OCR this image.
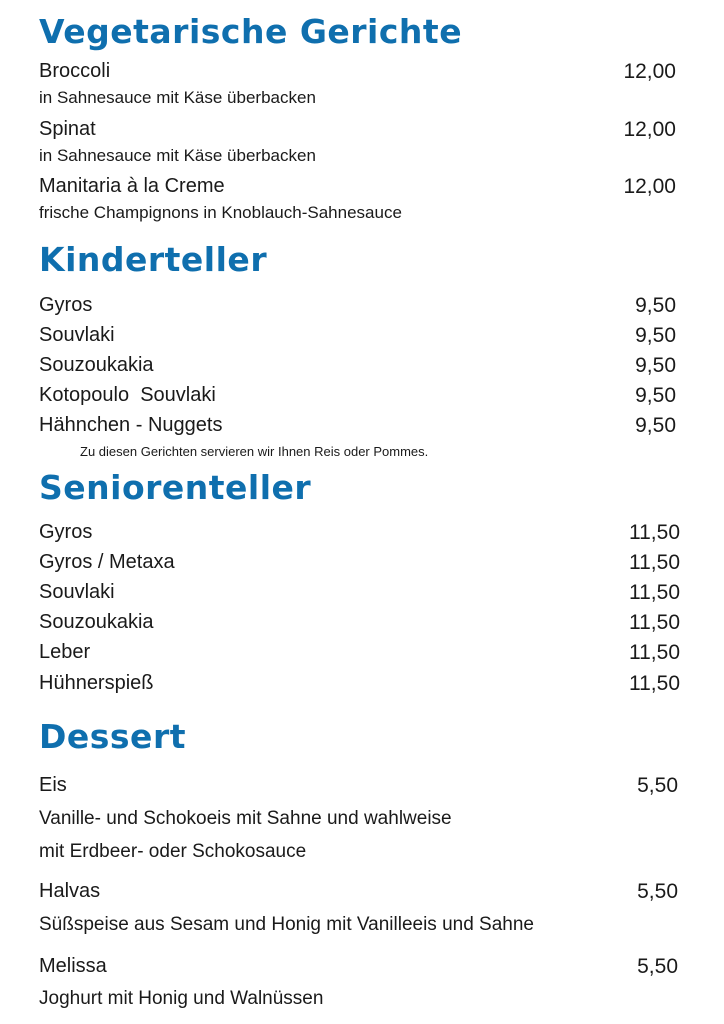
Vegetarische Gerichte
Broccoli	12,00
in Sahnesauce mit Käse überbacken
Spinat	12,00
in Sahnesauce mit Käse überbacken
Manitaria à la Creme	12,00
frische Champignons in Knoblauch-Sahnesauce
Kinderteller
Gyros	9,50
Souvlaki	9,50
Souzoukakia	9,50
Kotopoulo  Souvlaki	9,50
Hähnchen - Nuggets	9,50
Zu diesen Gerichten servieren wir Ihnen Reis oder Pommes.
Seniorenteller
Gyros	11,50
Gyros / Metaxa	11,50
Souvlaki	11,50
Souzoukakia	11,50
Leber	11,50
Hühnerspieß	11,50
Dessert
Eis	5,50
Vanille- und Schokoeis mit Sahne und wahlweise
mit Erdbeer- oder Schokosauce
Halvas	5,50
Süßspeise aus Sesam und Honig mit Vanilleeis und Sahne
Melissa	5,50
Joghurt mit Honig und Walnüssen
